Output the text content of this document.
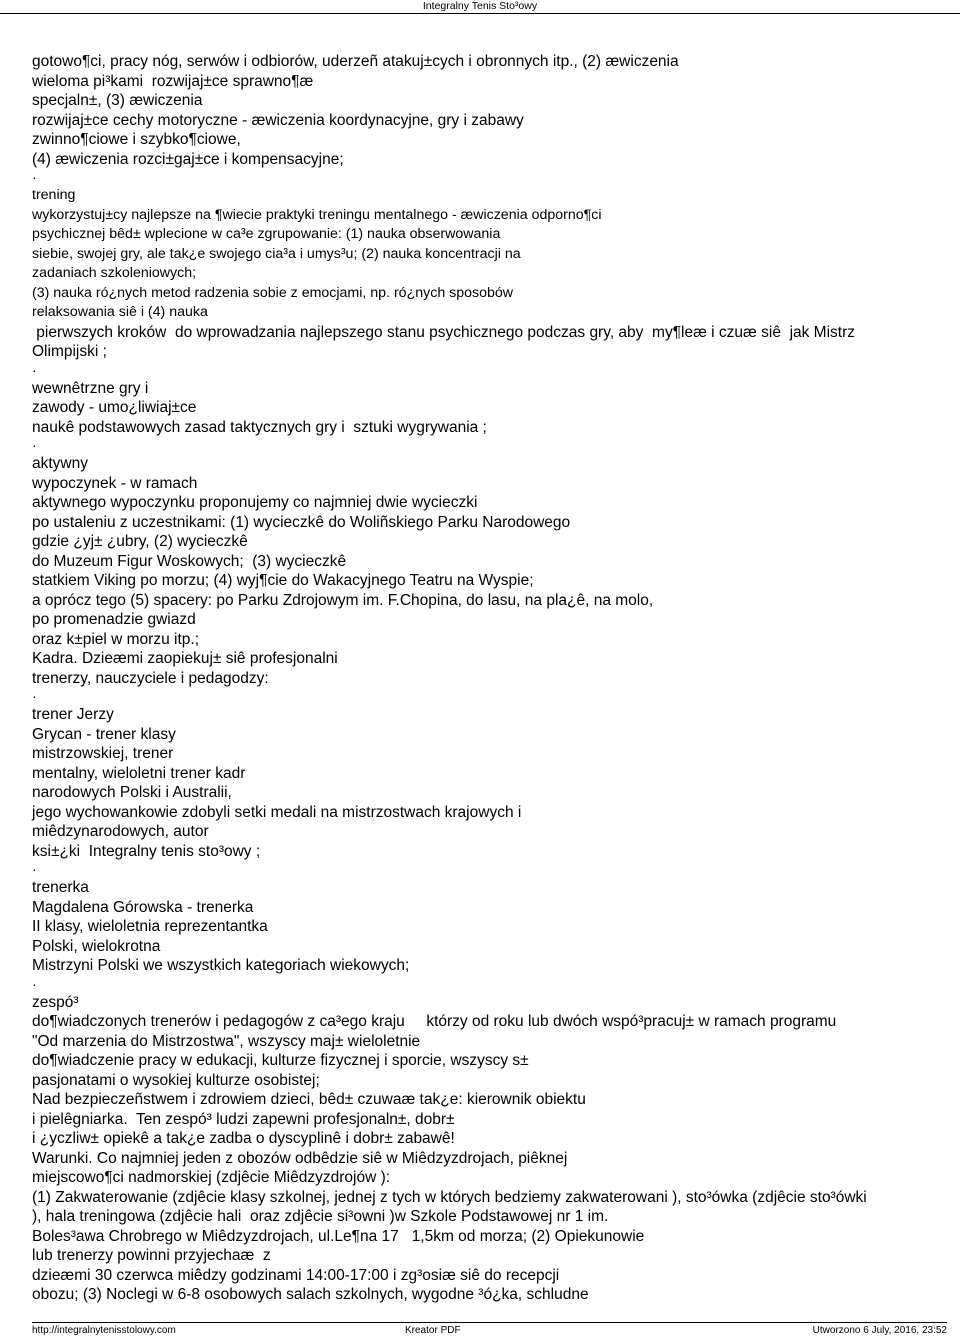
Integralny Tenis Sto³owy
gotowo¶ci, pracy nóg, serwów i odbiorów, uderzeñ atakuj±cych i obronnych itp., (2) æwiczenia
wieloma pi³kami  rozwijaj±ce sprawno¶æ
specjaln±, (3) æwiczenia
rozwijaj±ce cechy motoryczne - æwiczenia koordynacyjne, gry i zabawy
zwinno¶ciowe i szybko¶ciowe,
(4) æwiczenia rozci±gaj±ce i kompensacyjne;
·
trening
wykorzystuj±cy najlepsze na ¶wiecie praktyki treningu mentalnego - æwiczenia odporno¶ci
psychicznej bêd± wplecione w ca³e zgrupowanie: (1) nauka obserwowania
siebie, swojej gry, ale tak¿e swojego cia³a i umys³u; (2) nauka koncentracji na
zadaniach szkoleniowych;
(3) nauka ró¿nych metod radzenia sobie z emocjami, np. ró¿nych sposobów
relaksowania siê i (4) nauka
pierwszych kroków  do wprowadzania najlepszego stanu psychicznego podczas gry, aby  my¶leæ i czuæ siê  jak Mistrz
Olimpijski ;
·
wewnêtrzne gry i
zawody - umo¿liwiaj±ce
naukê podstawowych zasad taktycznych gry i  sztuki wygrywania ;
·
aktywny
wypoczynek - w ramach
aktywnego wypoczynku proponujemy co najmniej dwie wycieczki
po ustaleniu z uczestnikami: (1) wycieczkê do Woliñskiego Parku Narodowego
gdzie ¿yj± ¿ubry, (2) wycieczkê
do Muzeum Figur Woskowych;  (3) wycieczkê
statkiem Viking po morzu; (4) wyj¶cie do Wakacyjnego Teatru na Wyspie;
a oprócz tego (5) spacery: po Parku Zdrojowym im. F.Chopina, do lasu, na pla¿ê, na molo,
po promenadzie gwiazd
oraz k±piel w morzu itp.;
Kadra. Dzieæmi zaopiekuj± siê profesjonalni
trenerzy, nauczyciele i pedagodzy:
·
trener Jerzy
Grycan - trener klasy
mistrzowskiej, trener
mentalny, wieloletni trener kadr
narodowych Polski i Australii,
jego wychowankowie zdobyli setki medali na mistrzostwach krajowych i
miêdzynarodowych, autor
ksi±¿ki  Integralny tenis sto³owy ;
·
trenerka
Magdalena Górowska - trenerka
II klasy, wieloletnia reprezentantka
Polski, wielokrotna
Mistrzyni Polski we wszystkich kategoriach wiekowych;
·
zespó³
do¶wiadczonych trenerów i pedagogów z ca³ego kraju     którzy od roku lub dwóch wspó³pracuj± w ramach programu
"Od marzenia do Mistrzostwa", wszyscy maj± wieloletnie
do¶wiadczenie pracy w edukacji, kulturze fizycznej i sporcie, wszyscy s±
pasjonatami o wysokiej kulturze osobistej;
Nad bezpieczeñstwem i zdrowiem dzieci, bêd± czuwaæ tak¿e: kierownik obiektu
i pielêgniarka.  Ten zespó³ ludzi zapewni profesjonaln±, dobr±
i ¿yczliw± opiekê a tak¿e zadba o dyscyplinê i dobr± zabawê!
Warunki. Co najmniej jeden z obozów odbêdzie siê w Miêdzyzdrojach, piêknej
miejscowo¶ci nadmorskiej (zdjêcie Miêdzyzdrojów ):
(1) Zakwaterowanie (zdjêcie klasy szkolnej, jednej z tych w których bedziemy zakwaterowani ), sto³ówka (zdjêcie sto³ówki
), hala treningowa (zdjêcie hali  oraz zdjêcie si³owni )w Szkole Podstawowej nr 1 im.
Boles³awa Chrobrego w Miêdzyzdrojach, ul.Le¶na 17   1,5km od morza; (2) Opiekunowie
lub trenerzy powinni przyjechaæ  z
dzieæmi 30 czerwca miêdzy godzinami 14:00-17:00 i zg³osiæ siê do recepcji
obozu; (3) Noclegi w 6-8 osobowych salach szkolnych, wygodne ³ó¿ka, schludne
http://integralnytenisstolowy.com	Kreator PDF	Utworzono 6 July, 2016, 23:52
